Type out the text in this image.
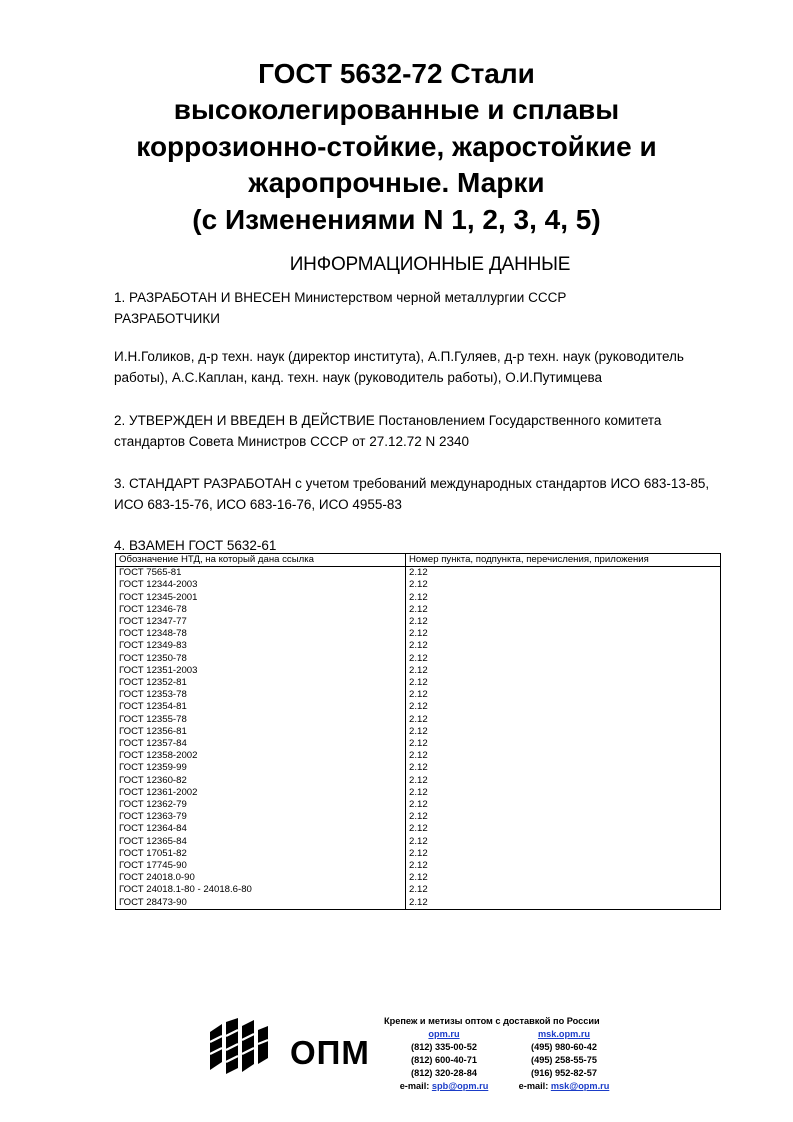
ГОСТ 5632-72 Стали
высоколегированные и сплавы
коррозионно-стойкие, жаростойкие и
жаропрочные. Марки
(с Изменениями N 1, 2, 3, 4, 5)
ИНФОРМАЦИОННЫЕ ДАННЫЕ
1. РАЗРАБОТАН И ВНЕСЕН Министерством черной металлургии СССР
РАЗРАБОТЧИКИ
И.Н.Голиков, д-р техн. наук (директор института), А.П.Гуляев, д-р техн. наук (руководитель
работы), А.С.Каплан, канд. техн. наук (руководитель работы), О.И.Путимцева
2. УТВЕРЖДЕН И ВВЕДЕН В ДЕЙСТВИЕ Постановлением Государственного комитета
стандартов Совета Министров СССР от 27.12.72 N 2340
3. СТАНДАРТ РАЗРАБОТАН с учетом требований международных стандартов ИСО 683-13-85,
ИСО 683-15-76, ИСО 683-16-76, ИСО 4955-83
4. ВЗАМЕН ГОСТ 5632-61
Обозначение НТД, на который дана ссылка	Номер пункта, подпункта, перечисления, приложения
ГОСТ 7565-81	2.12
ГОСТ 12344-2003	2.12
ГОСТ 12345-2001	2.12
ГОСТ 12346-78	2.12
ГОСТ 12347-77	2.12
ГОСТ 12348-78	2.12
ГОСТ 12349-83	2.12
ГОСТ 12350-78	2.12
ГОСТ 12351-2003	2.12
ГОСТ 12352-81	2.12
ГОСТ 12353-78	2.12
ГОСТ 12354-81	2.12
ГОСТ 12355-78	2.12
ГОСТ 12356-81	2.12
ГОСТ 12357-84	2.12
ГОСТ 12358-2002	2.12
ГОСТ 12359-99	2.12
ГОСТ 12360-82	2.12
ГОСТ 12361-2002	2.12
ГОСТ 12362-79	2.12
ГОСТ 12363-79	2.12
ГОСТ 12364-84	2.12
ГОСТ 12365-84	2.12
ГОСТ 17051-82	2.12
ГОСТ 17745-90	2.12
ГОСТ 24018.0-90	2.12
ГОСТ 24018.1-80 - 24018.6-80	2.12
ГОСТ 28473-90	2.12
ОПМ
Крепеж и метизы оптом с доставкой по России
opm.ru	msk.opm.ru
(812) 335-00-52	(495) 980-60-42
(812) 600-40-71	(495) 258-55-75
(812) 320-28-84	(916) 952-82-57
e-mail: spb@opm.ru	e-mail: msk@opm.ru
